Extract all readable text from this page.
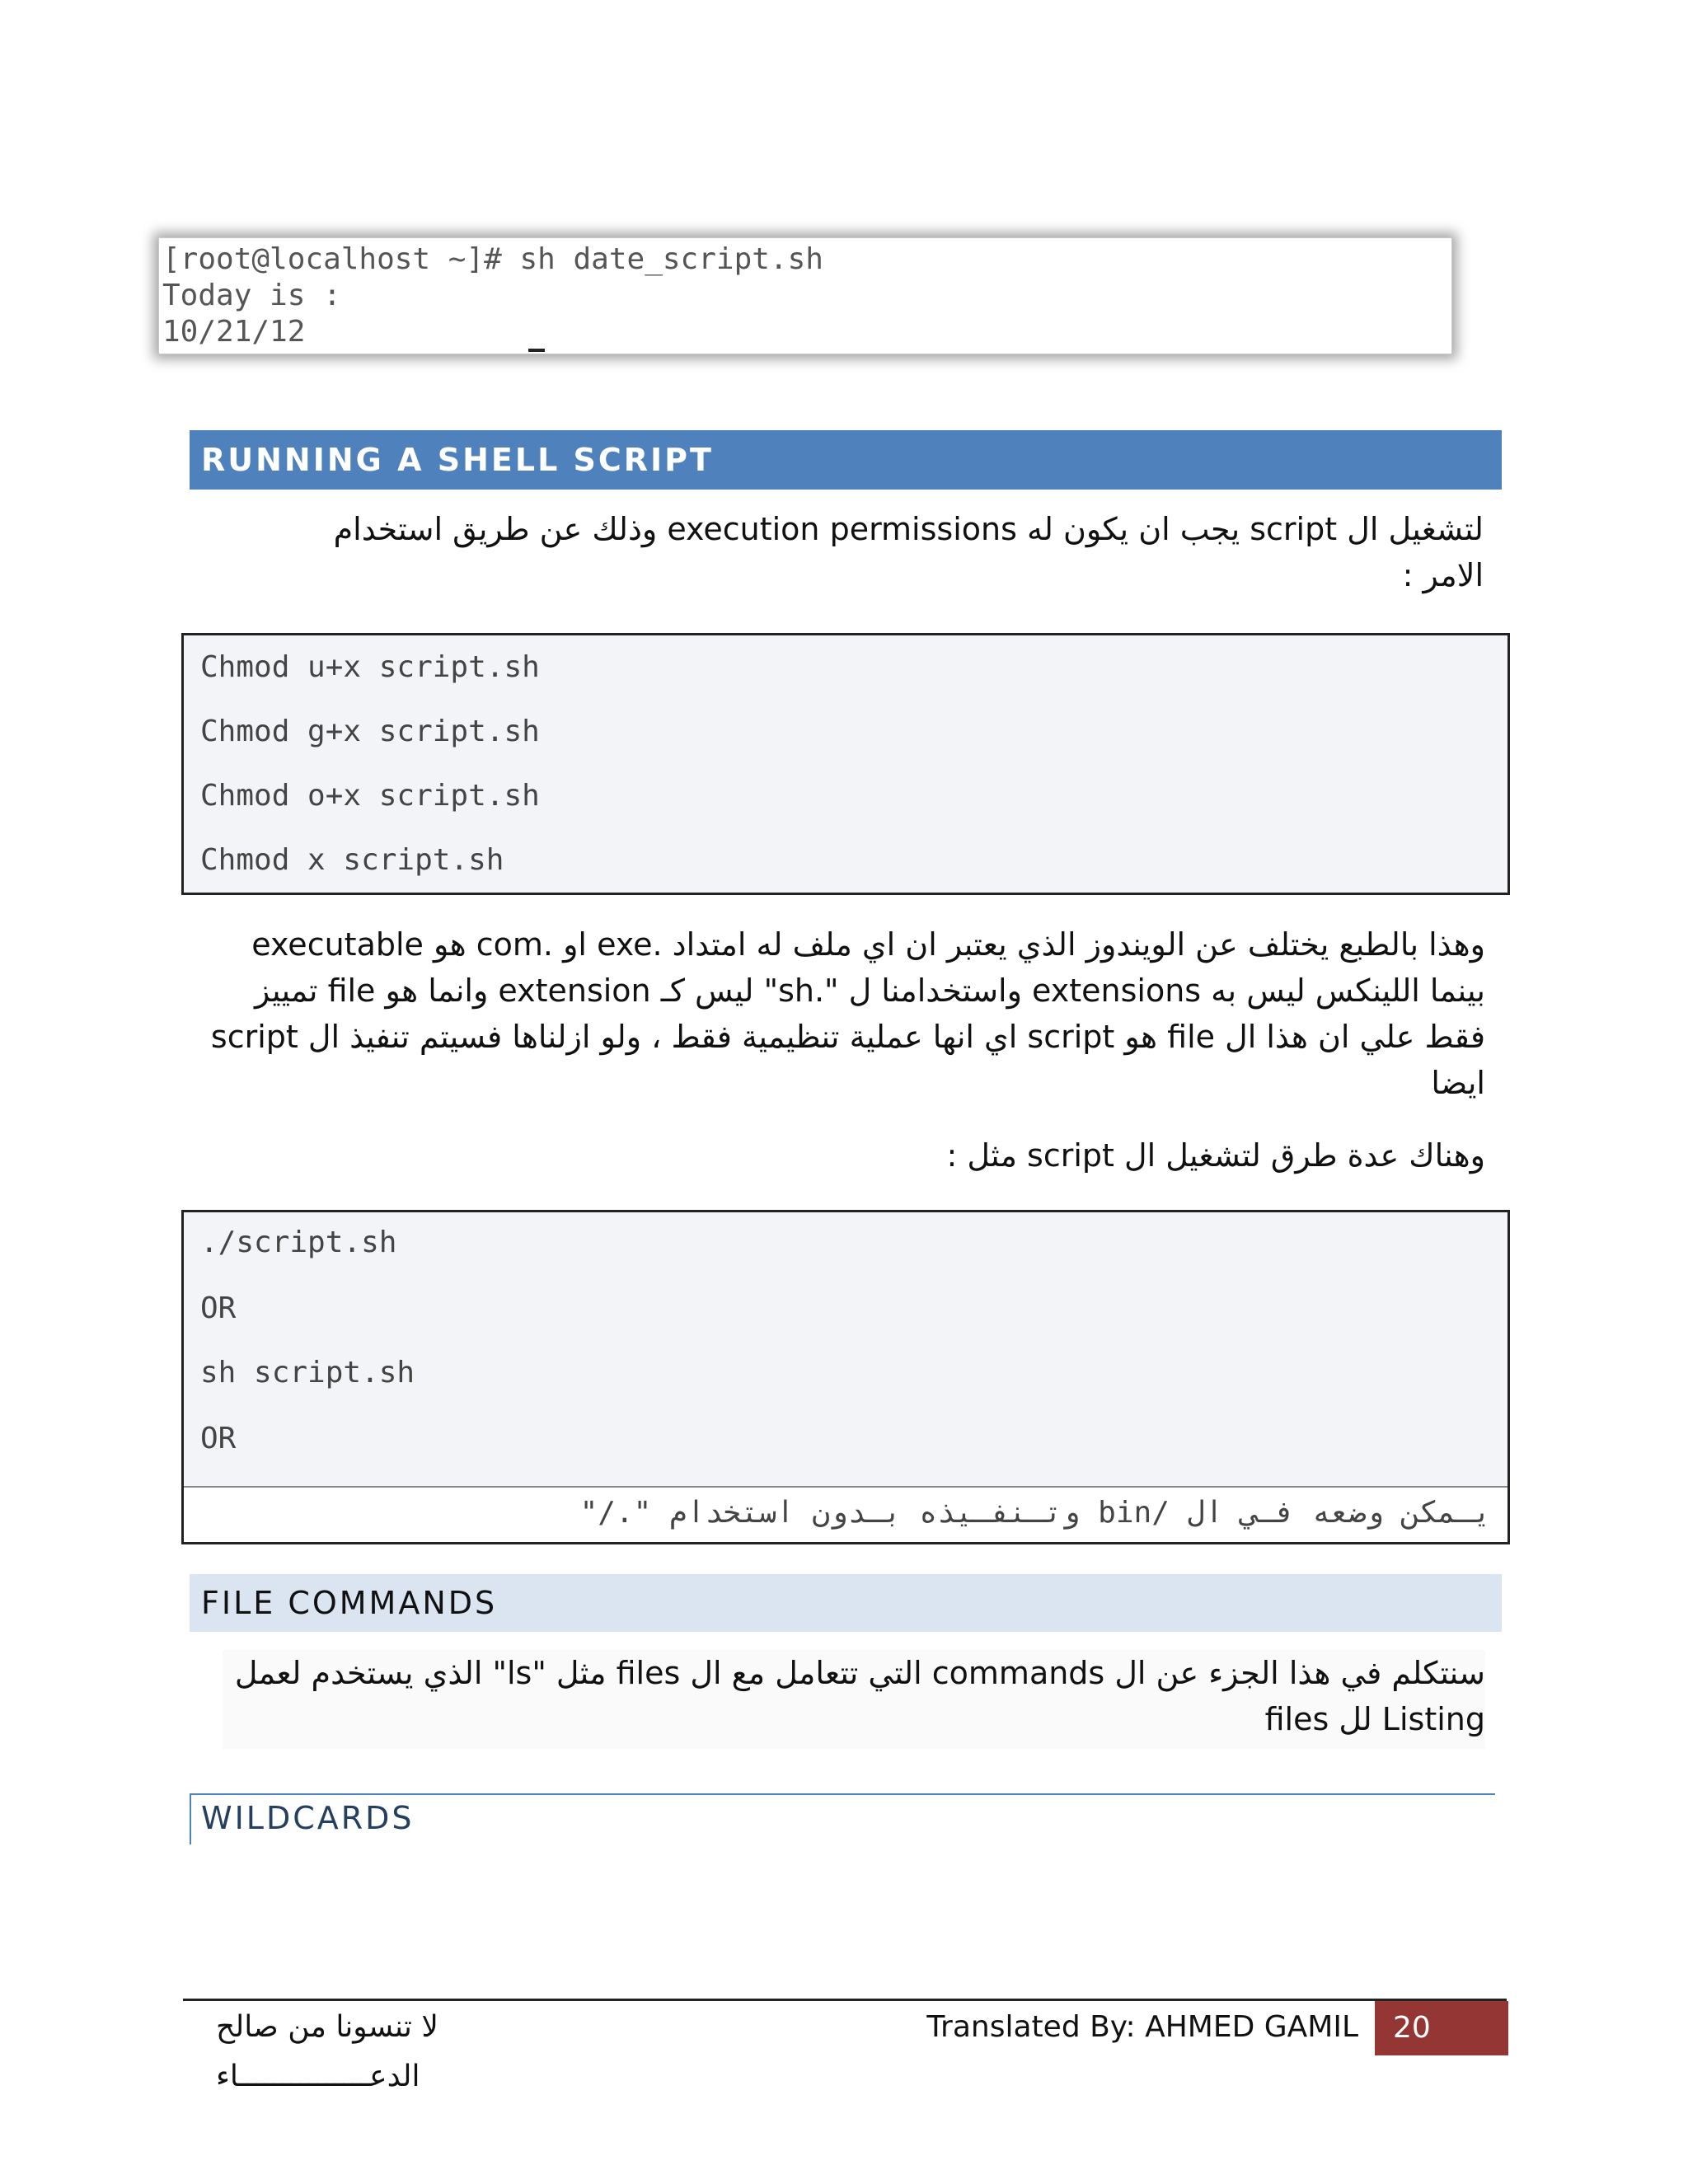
[root@localhost ~]# sh date_script.sh
Today is :
10/21/12
RUNNING A SHELL SCRIPT
لتشغيل ال script يجب ان يكون له execution permissions وذلك عن طريق استخدام الامر :
Chmod u+x script.sh
Chmod g+x script.sh
Chmod o+x script.sh
Chmod x script.sh
وهذا بالطبع يختلف عن الويندوز الذي يعتبر ان اي ملف له امتداد .exe او .com هو executable بينما اللينكس ليس به extensions واستخدامنا ل ".sh" ليس كـ extension وانما هو file تمييز فقط علي ان هذا ال file هو script اي انها عملية تنظيمية فقط ، ولو ازلناها فسيتم تنفيذ ال script ايضا
وهناك عدة طرق لتشغيل ال script مثل :
./script.sh
OR
sh script.sh
OR
يـمكن وضعه فـي ال /bin وتـنفـيذه بـدون استخدام "./"
FILE COMMANDS
سنتكلم في هذا الجزء عن ال commands التي تتعامل مع ال files مثل "ls" الذي يستخدم لعمل Listing لل files
WILDCARDS
لا تنسونا من صالح الدعـــــــــــــــاء
Translated By: AHMED GAMIL	20
